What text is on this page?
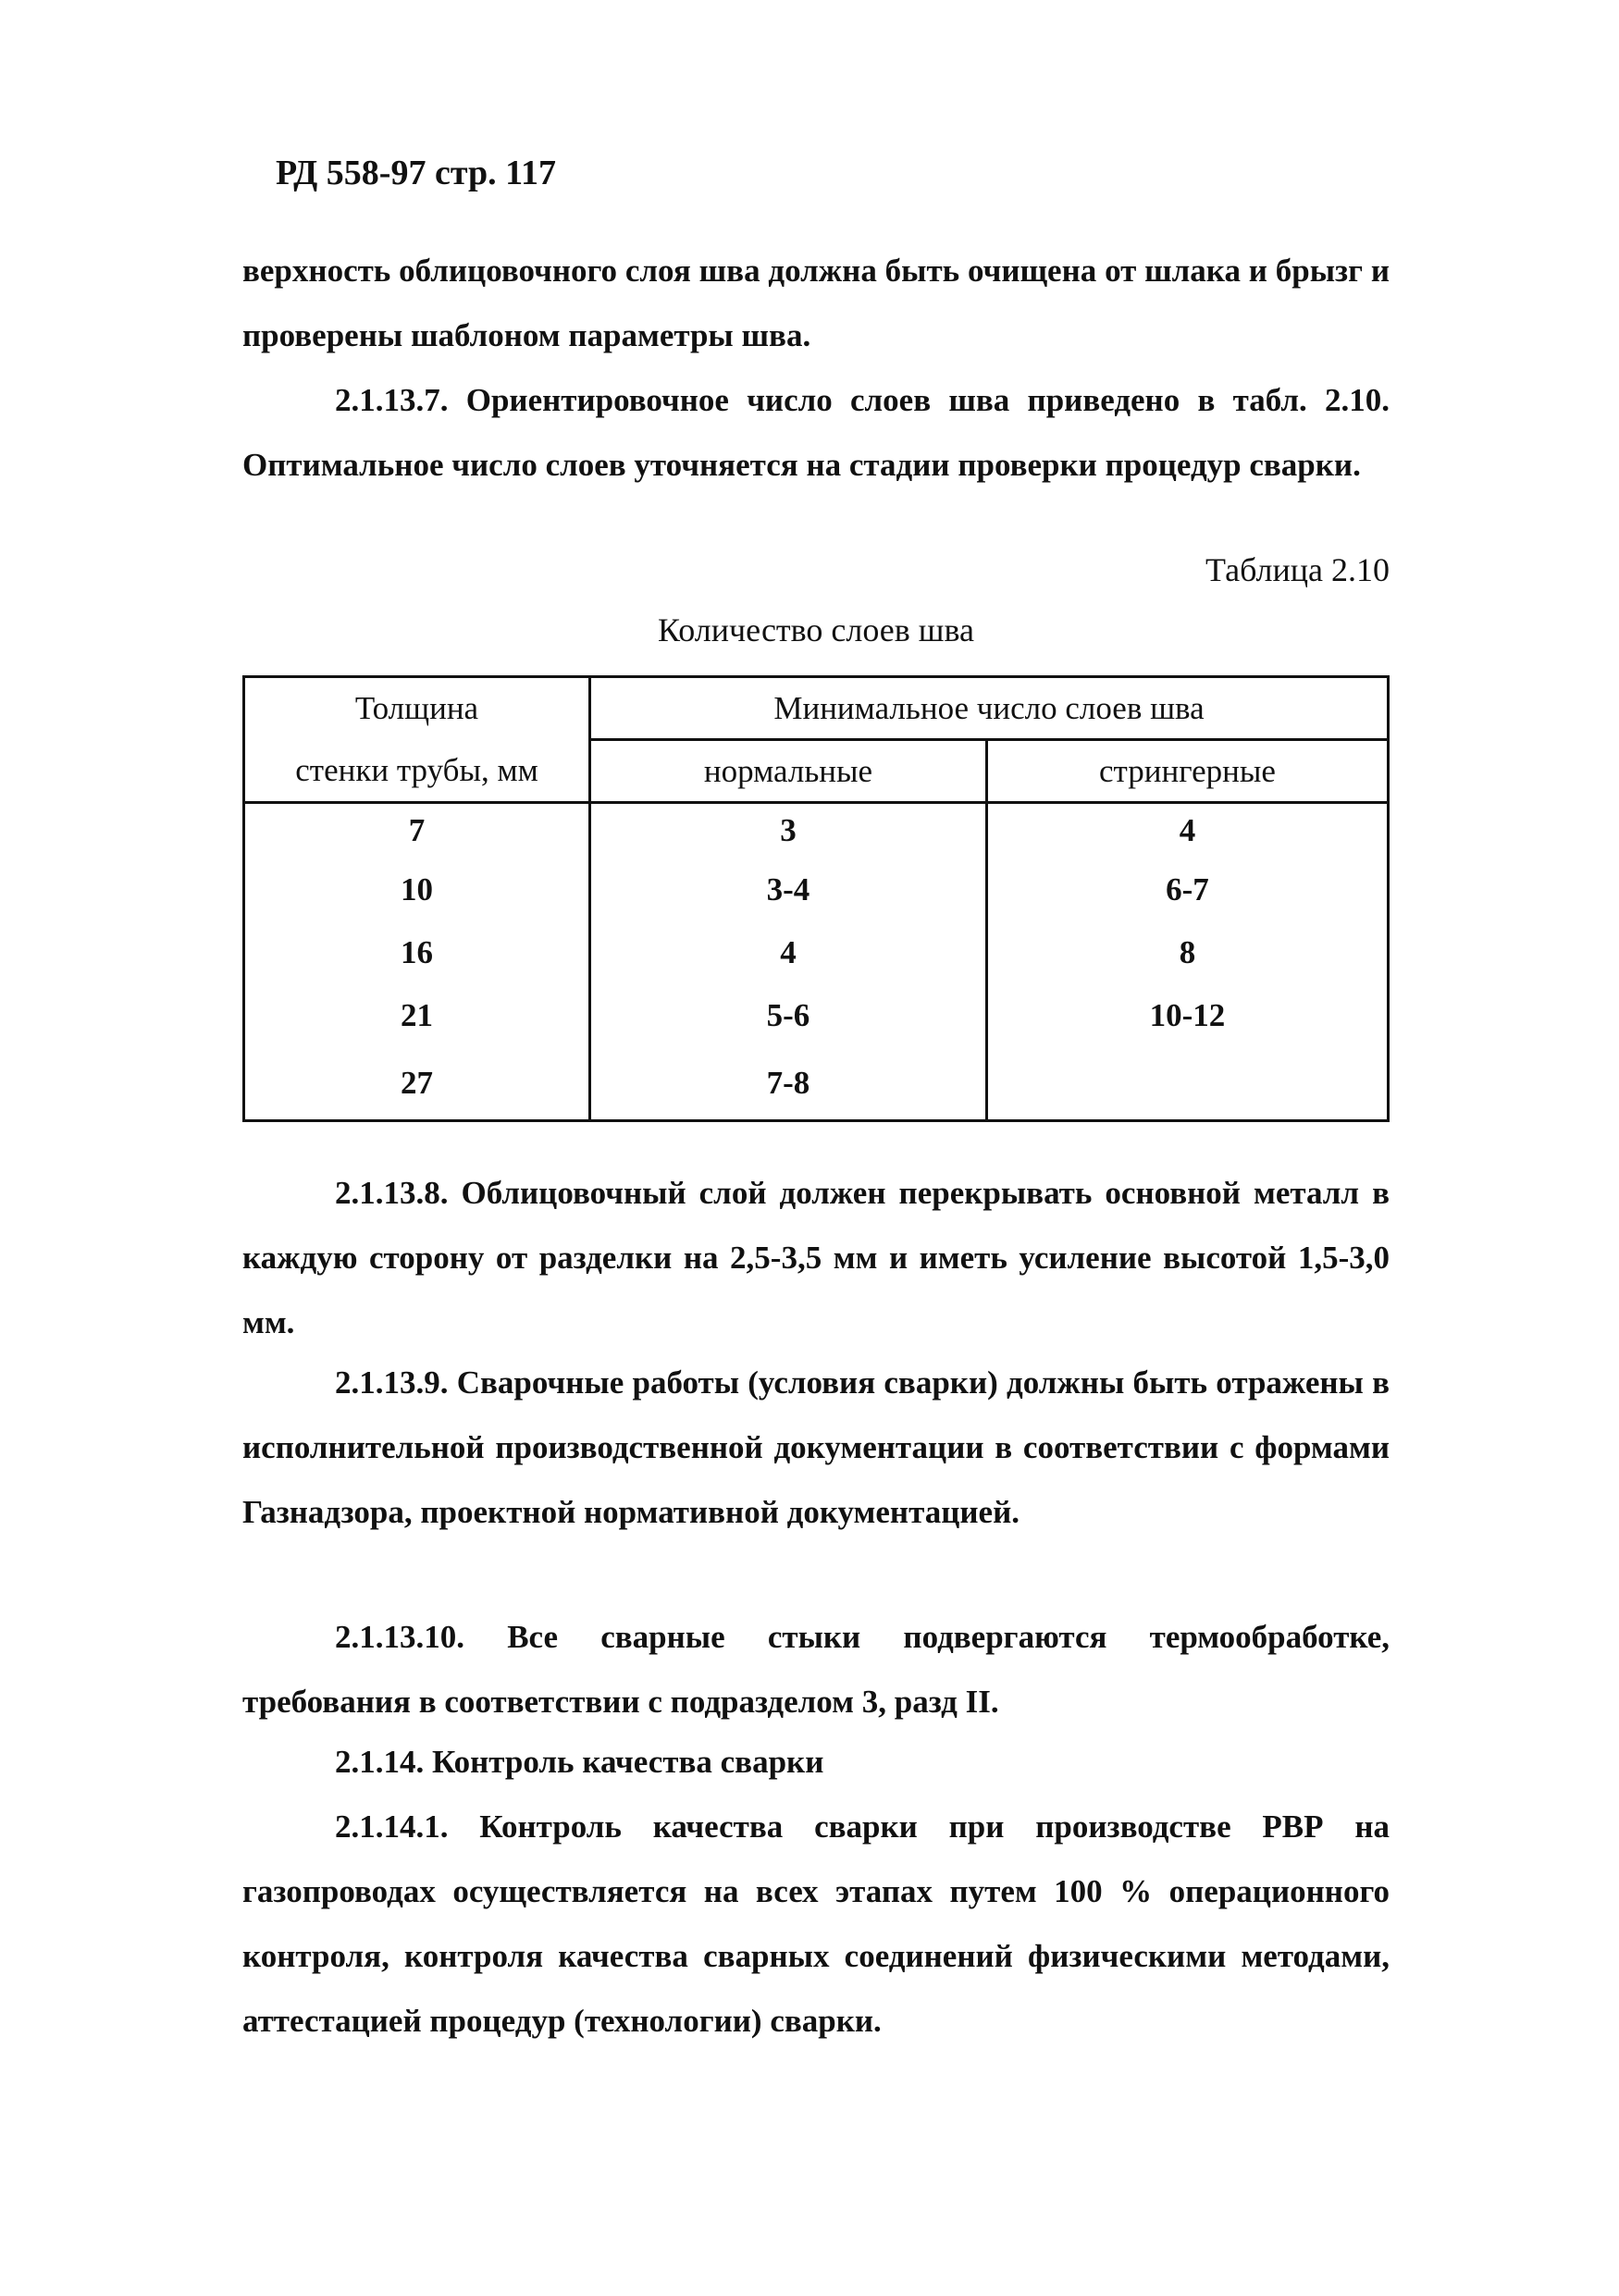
РД 558-97 стр. 117

верхность облицовочного слоя шва должна быть очищена от шлака и брызг и проверены шаблоном параметры шва.

2.1.13.7. Ориентировочное число слоев шва приведено в табл. 2.10. Оптимальное число слоев уточняется на стадии проверки процедур сварки.

Таблица 2.10
Количество слоев шва
Толщина	Минимальное число слоев шва	
стенки трубы, мм	нормальные	стрингерные
7	3	4
10	3-4	6-7
16	4	8
21	5-6	10-12
27	7-8	

2.1.13.8. Облицовочный слой должен перекрывать основной металл в каждую сторону от разделки на 2,5-3,5 мм и иметь усиление высотой 1,5-3,0 мм.

2.1.13.9. Сварочные работы (условия сварки) должны быть отражены в исполнительной производственной документации в соответствии с формами Газнадзора, проектной нормативной документацией.

2.1.13.10. Все сварные стыки подвергаются термообработке, требования в соответствии с подразделом 3, разд II.

2.1.14. Контроль качества сварки

2.1.14.1. Контроль качества сварки при производстве РВР на газопроводах осуществляется на всех этапах путем 100 % операционного контроля, контроля качества сварных соединений физическими методами, аттестацией процедур (технологии) сварки.
